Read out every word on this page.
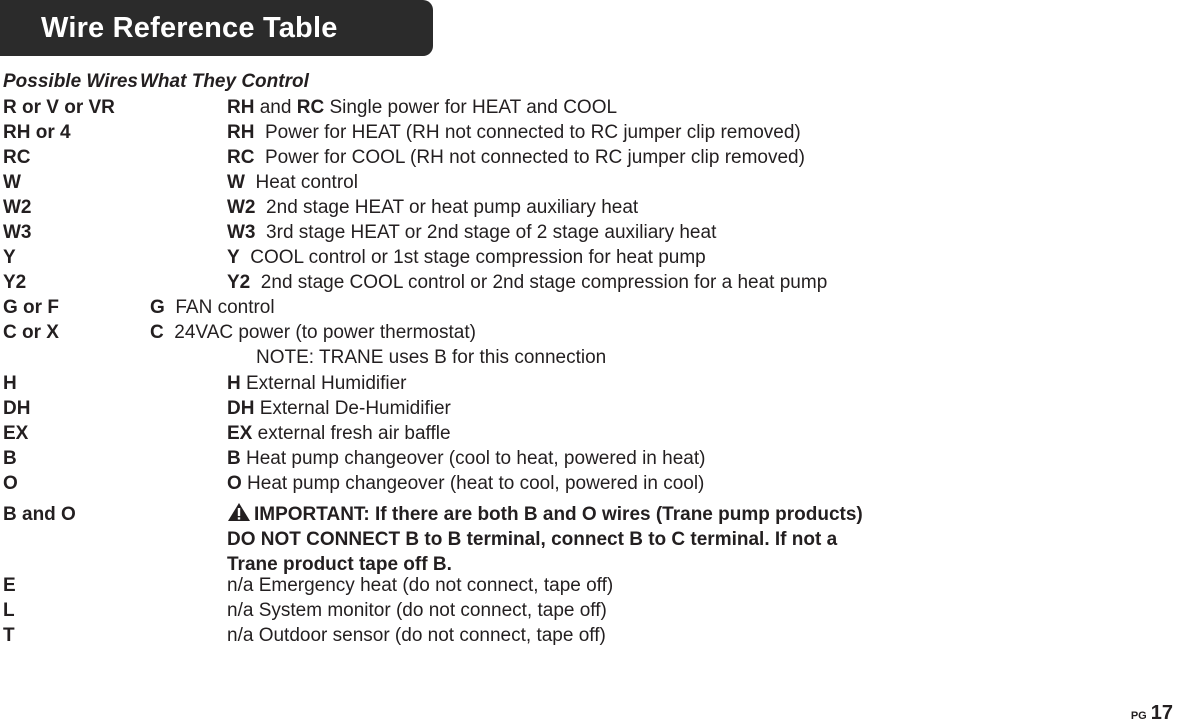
Wire Reference Table
Possible Wires What They Control
R or V or VR	RH and RC Single power for HEAT and COOL
RH or 4	RH  Power for HEAT (RH not connected to RC jumper clip removed)
RC	RC  Power for COOL (RH not connected to RC jumper clip removed)
W	W  Heat control
W2	W2  2nd stage HEAT or heat pump auxiliary heat
W3	W3  3rd stage HEAT or 2nd stage of 2 stage auxiliary heat
Y	Y  COOL control or 1st stage compression for heat pump
Y2	Y2  2nd stage COOL control or 2nd stage compression for a heat pump
G or F	G  FAN control
C or X	C  24VAC power (to power thermostat)
NOTE: TRANE uses B for this connection
H	H External Humidifier
DH	DH External De-Humidifier
EX	EX external fresh air baffle
B	B Heat pump changeover (cool to heat, powered in heat)
O	O Heat pump changeover (heat to cool, powered in cool)
B and O	IMPORTANT: If there are both B and O wires (Trane pump products) DO NOT CONNECT B to B terminal, connect B to C terminal. If not a Trane product tape off B.
E	n/a Emergency heat (do not connect, tape off)
L	n/a System monitor (do not connect, tape off)
T	n/a Outdoor sensor (do not connect, tape off)
PG 17
